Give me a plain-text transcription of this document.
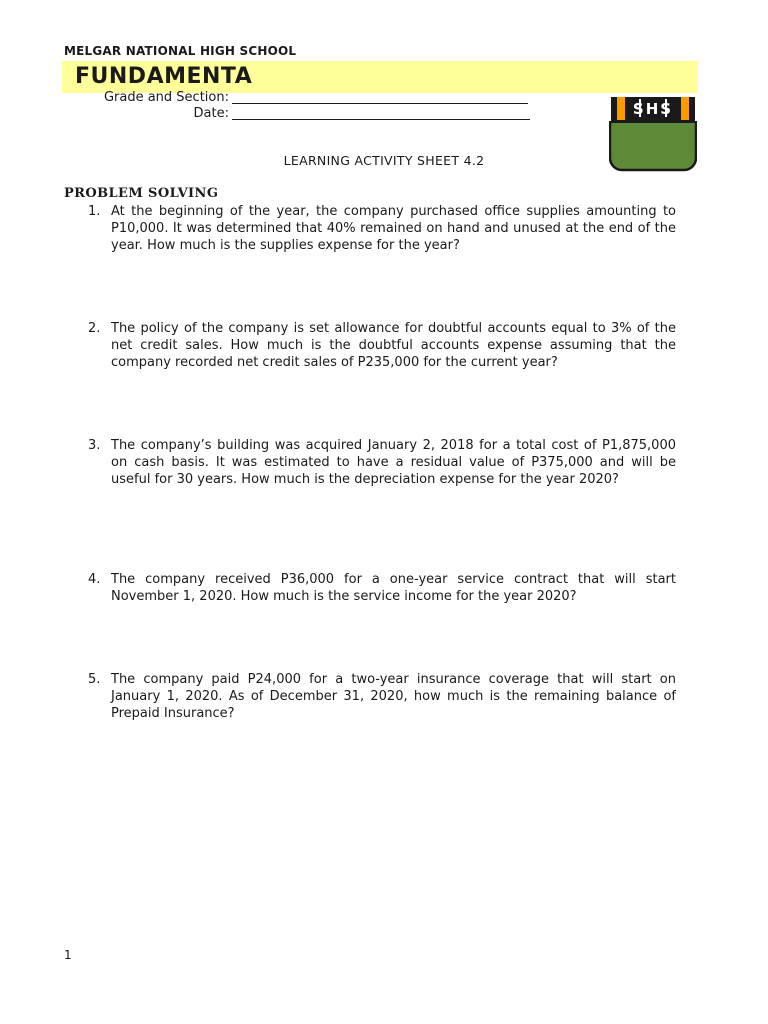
MELGAR NATIONAL HIGH SCHOOL
FUNDAMENTA
Grade and Section:
Date:	SHS
LEARNING ACTIVITY SHEET 4.2
PROBLEM SOLVING
1. At the beginning of the year, the company purchased office supplies amounting to P10,000. It was determined that 40% remained on hand and unused at the end of the year. How much is the supplies expense for the year?
2. The policy of the company is set allowance for doubtful accounts equal to 3% of the net credit sales. How much is the doubtful accounts expense assuming that the company recorded net credit sales of P235,000 for the current year?
3. The company’s building was acquired January 2, 2018 for a total cost of P1,875,000 on cash basis. It was estimated to have a residual value of P375,000 and will be useful for 30 years. How much is the depreciation expense for the year 2020?
4. The company received P36,000 for a one-year service contract that will start November 1, 2020. How much is the service income for the year 2020?
5. The company paid P24,000 for a two-year insurance coverage that will start on January 1, 2020. As of December 31, 2020, how much is the remaining balance of Prepaid Insurance?
1
